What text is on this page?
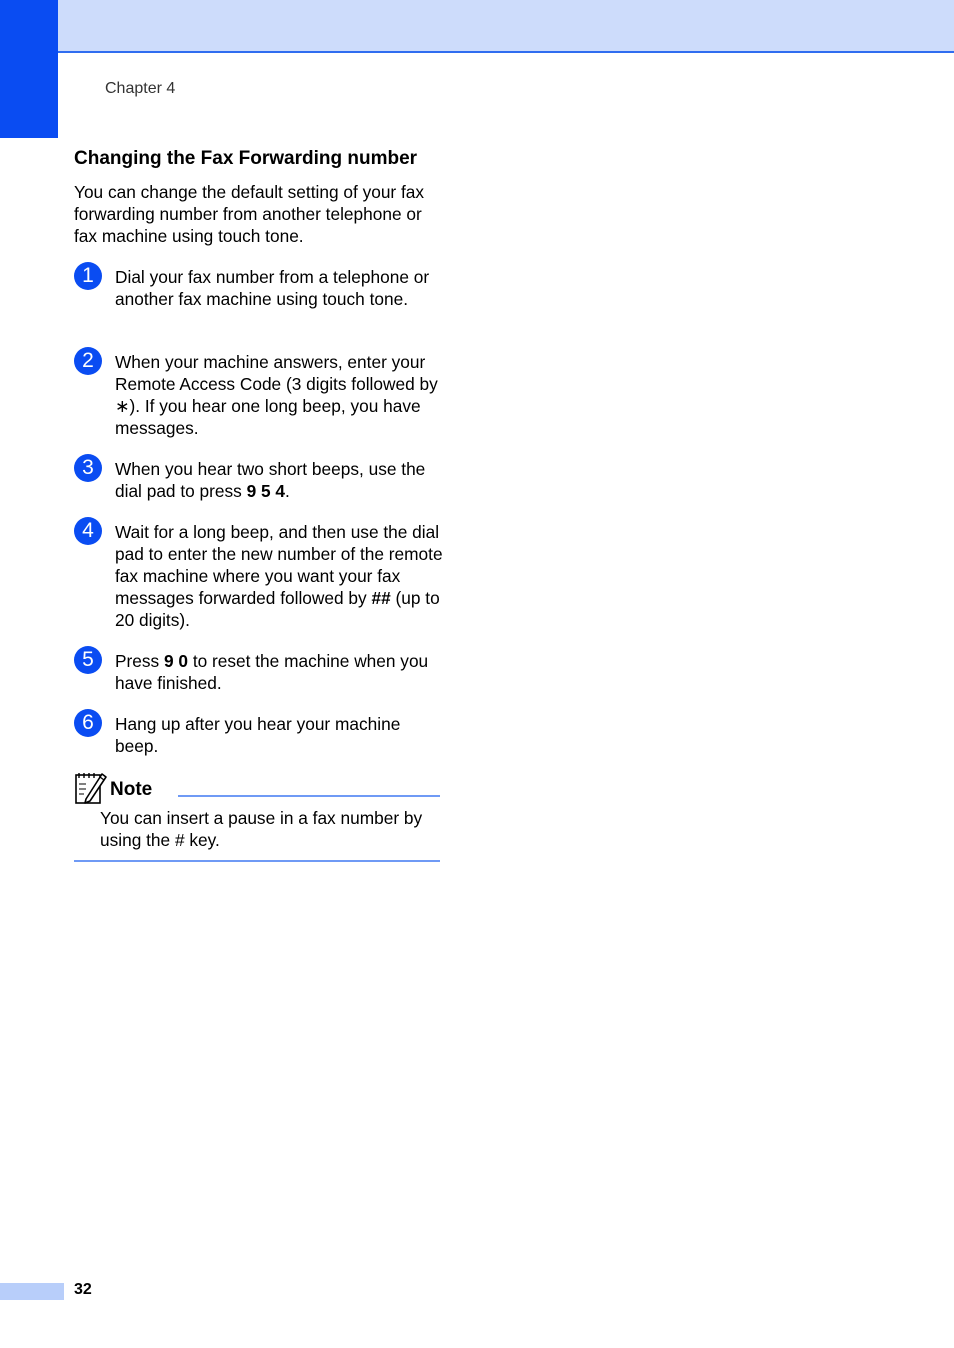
Chapter 4
Changing the Fax Forwarding number

You can change the default setting of your fax forwarding number from another telephone or fax machine using touch tone.

1	Dial your fax number from a telephone or another fax machine using touch tone.

2	When your machine answers, enter your Remote Access Code (3 digits followed by ∗). If you hear one long beep, you have messages.

3	When you hear two short beeps, use the dial pad to press 9 5 4.

4	Wait for a long beep, and then use the dial pad to enter the new number of the remote fax machine where you want your fax messages forwarded followed by ## (up to 20 digits).

5	Press 9 0 to reset the machine when you have finished.

6	Hang up after you hear your machine beep.

Note

You can insert a pause in a fax number by using the # key.

32
